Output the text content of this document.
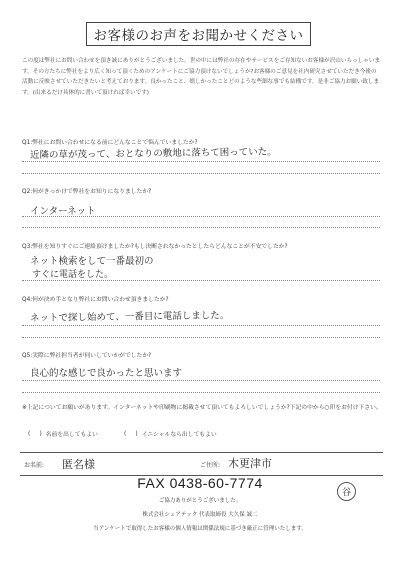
お客様のお声をお聞かせください

この度は弊社にお問い合わせを頂き誠にありがとうございました。世の中には弊社の存在やサービスをご存知ないお客様が沢山いらっしゃいます。その方たちに弊社をより広く知って頂くためのアンケートにご協力頂けないでしょうか?お客様のご意見を社内研究させていただき今後の活動に反映させていただきたいと考えております。良かったこと、嬉しかったことどのような些細な事でも結構です。是非ご協力お願い致します。(出来るだけ具体的に書いて頂ければ幸いです)

Q1:弊社にお問い合わせになる前にどんなことで悩んでいましたか?
近隣の草が茂って、おとなりの敷地に落ちて困っていた。
Q2:何がきっかけで弊社をお知りになりましたか?
インターネット
Q3:弊社を知りすぐにご連絡頂けましたか?もし決断されなかったとしたらどんなことが不安でしたか?
ネット検索をして一番最初の
すぐに電話をした。
Q4:何が決め手となり弊社にお問い合わせ頂きましたか?
ネットで探し始めて、一番目に電話しました。
Q5:実際に弊社担当者が伺いしていかがでしたか?
良心的な感じで良かったと思います
※上記についてお願いがあります。インターネットや印刷物に掲載させて頂いてもよろしいでしょうか?下記の中から○印をお付け下さい。
(     ) 名前を出してもよい	(     ) イニシャルなら出してもよい
お名前: 匿名様	ご住所: 木更津市
FAX 0438-60-7774
谷
ご協力ありがとうございました。
株式会社シェアテック 代表取締役 大久保 誠二
当アンケートで取得したお客様の個人情報は関係法規に基づき厳正に管理いたします。
